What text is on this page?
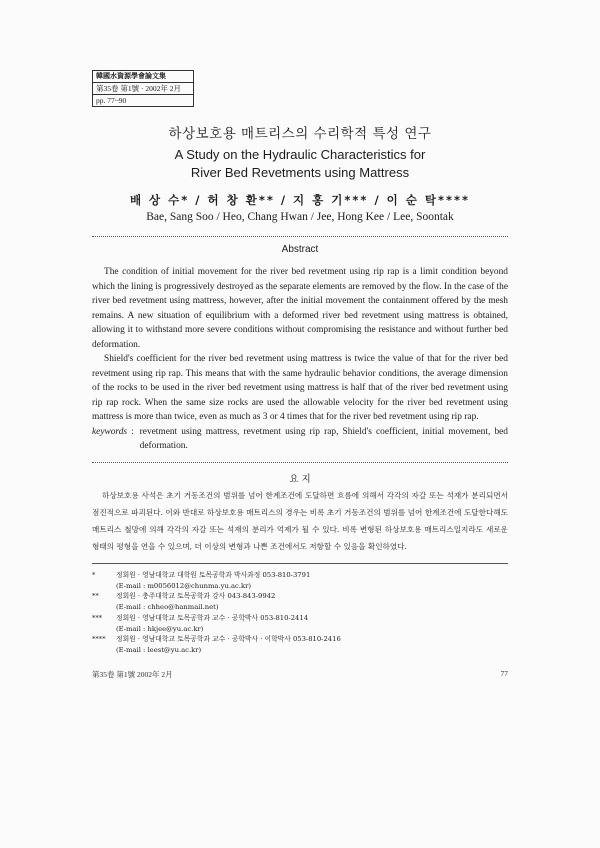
韓國水資源學會論文集
第35卷 第1號 · 2002年 2月
pp. 77~90
하상보호용 매트리스의 수리학적 특성 연구
A Study on the Hydraulic Characteristics for
River Bed Revetments using Mattress
배 상 수* / 허 창 환** / 지 홍 기*** / 이 순 탁****
Bae, Sang Soo / Heo, Chang Hwan / Jee, Hong Kee / Lee, Soontak
Abstract

The condition of initial movement for the river bed revetment using rip rap is a limit condition beyond which the lining is progressively destroyed as the separate elements are removed by the flow. In the case of the river bed revetment using mattress, however, after the initial movement the containment offered by the mesh remains. A new situation of equilibrium with a deformed river bed revetment using mattress is obtained, allowing it to withstand more severe conditions without compromising the resistance and without further bed deformation.

Shield's coefficient for the river bed revetment using mattress is twice the value of that for the river bed revetment using rip rap. This means that with the same hydraulic behavior conditions, the average dimension of the rocks to be used in the river bed revetment using mattress is half that of the river bed revetment using rip rap rock. When the same size rocks are used the allowable velocity for the river bed revetment using mattress is more than twice, even as much as 3 or 4 times that for the river bed revetment using rip rap.

keywords : revetment using mattress, revetment using rip rap, Shield's coefficient, initial movement, bed deformation.
요 지

하상보호용 사석은 초기 거동조건의 범위를 넘어 한계조건에 도달하면 흐름에 의해서 각각의 자갈 또는 석재가 분리되면서 점진적으로 파괴된다. 이와 반대로 하상보호용 매트리스의 경우는 비록 초기 거동조건의 범위를 넘어 한계조건에 도달한다해도 매트리스 철망에 의해 각각의 자갈 또는 석재의 분리가 억제가 될 수 있다. 비록 변형된 하상보호용 매트리스일지라도 새로운 형태의 평형을 연을 수 있으며, 더 이상의 변형과 나쁜 조건에서도 저항할 수 있음을 확인하였다.

*	정회원 · 영남대학교 대학원 토목공학과 박사과정 053-810-3791
(E-mail : m0056012@chunma.yu.ac.kr)
**	정회원 · 충주대학교 토목공학과 강사 043-843-9942
(E-mail : chheo@hanmail.net)
***	정회원 · 영남대학교 토목공학과 교수 · 공학박사 053-810-2414
(E-mail : hkjee@yu.ac.kr)
****	정회원 · 영남대학교 토목공학과 교수 · 공학박사 · 이학박사 053-810-2416
(E-mail : leest@yu.ac.kr)
第35卷 第1號 2002年 2月	77
